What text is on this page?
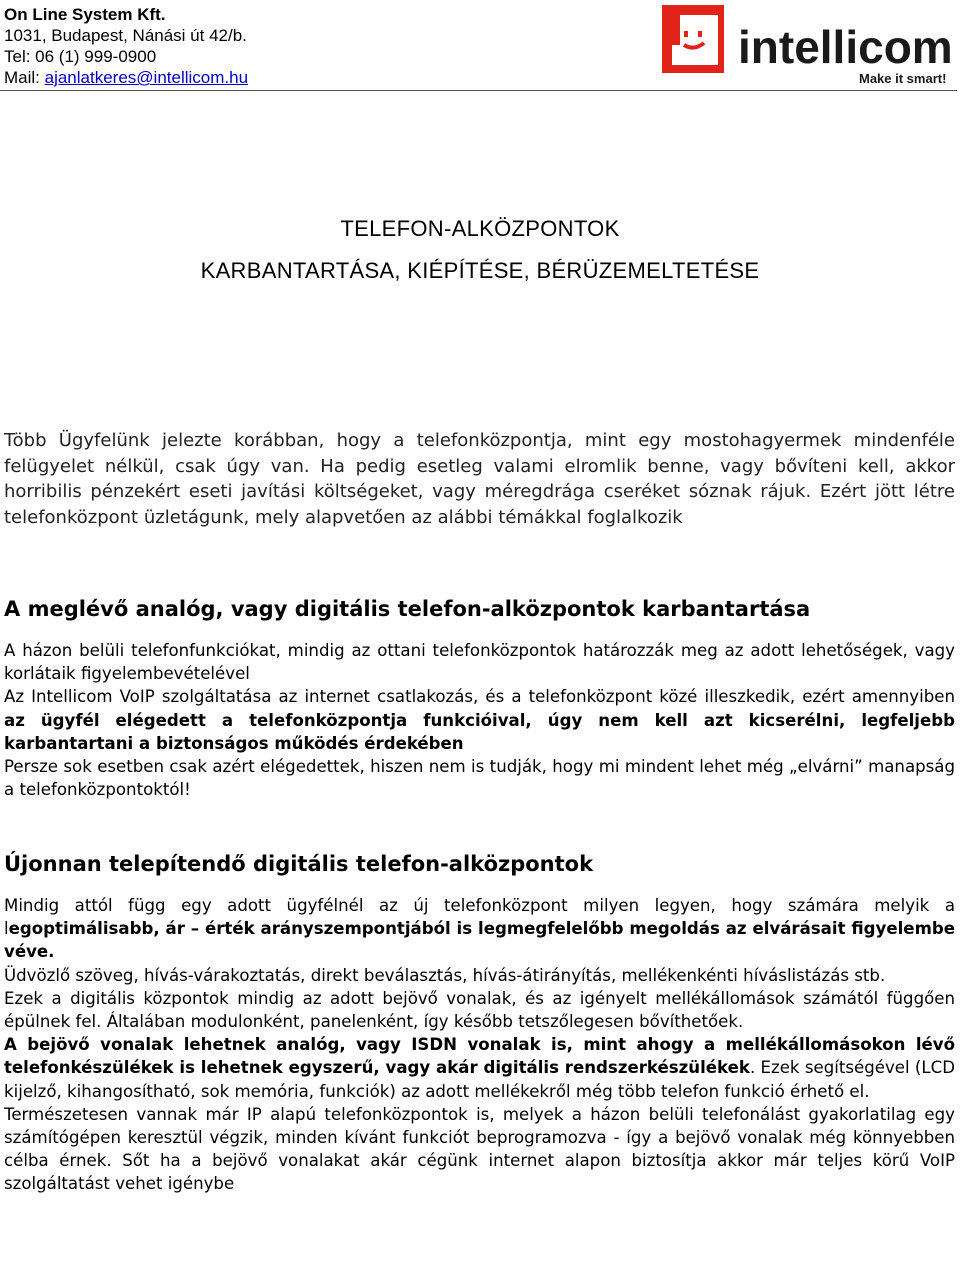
On Line System Kft.
1031, Budapest, Nánási út 42/b.
Tel: 06 (1) 999-0900
Mail: ajanlatkeres@intellicom.hu
intellicom
Make it smart!
TELEFON-ALKÖZPONTOK
KARBANTARTÁSA, KIÉPÍTÉSE, BÉRÜZEMELTETÉSE
Több Ügyfelünk jelezte korábban, hogy a telefonközpontja, mint egy mostohagyermek mindenféle felügyelet nélkül, csak úgy van. Ha pedig esetleg valami elromlik benne, vagy bővíteni kell, akkor horribilis pénzekért eseti javítási költségeket, vagy méregdrága cseréket sóznak rájuk. Ezért jött létre telefonközpont üzletágunk, mely alapvetően az alábbi témákkal foglalkozik
A meglévő analóg, vagy digitális telefon-alközpontok karbantartása

A házon belüli telefonfunkciókat, mindig az ottani telefonközpontok határozzák meg az adott lehetőségek, vagy korlátaik figyelembevételével

Az Intellicom VoIP szolgáltatása az internet csatlakozás, és a telefonközpont közé illeszkedik, ezért amennyiben az ügyfél elégedett a telefonközpontja funkcióival, úgy nem kell azt kicserélni, legfeljebb karbantartani a biztonságos működés érdekében

Persze sok esetben csak azért elégedettek, hiszen nem is tudják, hogy mi mindent lehet még „elvárni” manapság a telefonközpontoktól!

Újonnan telepítendő digitális telefon-alközpontok

Mindig attól függ egy adott ügyfélnél az új telefonközpont milyen legyen, hogy számára melyik a legoptimálisabb, ár – érték arányszempontjából is legmegfelelőbb megoldás az elvárásait figyelembe véve.

Üdvözlő szöveg, hívás-várakoztatás, direkt beválasztás, hívás-átirányítás, mellékenkénti híváslistázás stb.

Ezek a digitális központok mindig az adott bejövő vonalak, és az igényelt mellékállomások számától függően épülnek fel. Általában modulonként, panelenként, így később tetszőlegesen bővíthetőek.

A bejövő vonalak lehetnek analóg, vagy ISDN vonalak is, mint ahogy a mellékállomásokon lévő telefonkészülékek is lehetnek egyszerű, vagy akár digitális rendszerkészülékek. Ezek segítségével (LCD kijelző, kihangosítható, sok memória, funkciók) az adott mellékekről még több telefon funkció érhető el.

Természetesen vannak már IP alapú telefonközpontok is, melyek a házon belüli telefonálást gyakorlatilag egy számítógépen keresztül végzik, minden kívánt funkciót beprogramozva - így a bejövő vonalak még könnyebben célba érnek. Sőt ha a bejövő vonalakat akár cégünk internet alapon biztosítja akkor már teljes körű VoIP szolgáltatást vehet igénybe
